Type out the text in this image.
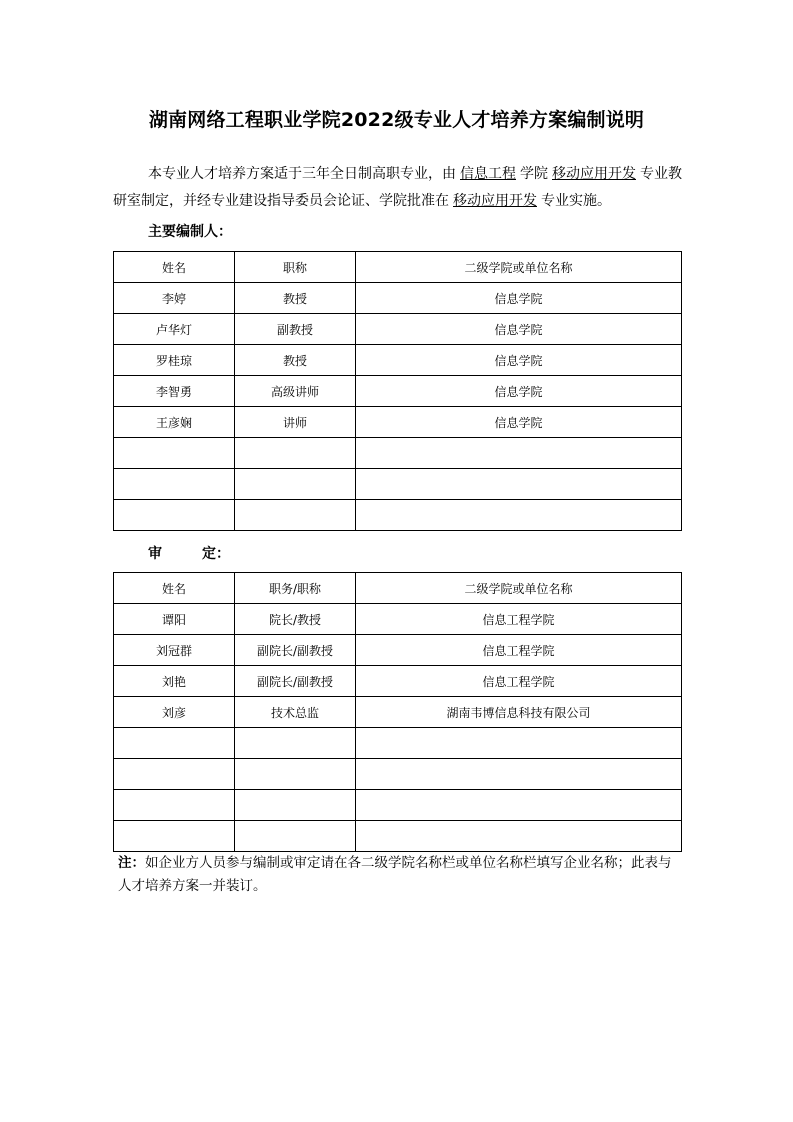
湖南网络工程职业学院2022级专业人才培养方案编制说明

本专业人才培养方案适于三年全日制高职专业，由 信息工程 学院 移动应用开发 专业教研室制定，并经专业建设指导委员会论证、学院批准在 移动应用开发 专业实施。

主要编制人：
姓名	职称	二级学院或单位名称
李婷	教授	信息学院
卢华灯	副教授	信息学院
罗桂琼	教授	信息学院
李智勇	高级讲师	信息学院
王彦娴	讲师	信息学院

审	定：
姓名	职务/职称	二级学院或单位名称
谭阳	院长/教授	信息工程学院
刘冠群	副院长/副教授	信息工程学院
刘艳	副院长/副教授	信息工程学院
刘彦	技术总监	湖南韦博信息科技有限公司

注：如企业方人员参与编制或审定请在各二级学院名称栏或单位名称栏填写企业名称；此表与人才培养方案一并装订。
